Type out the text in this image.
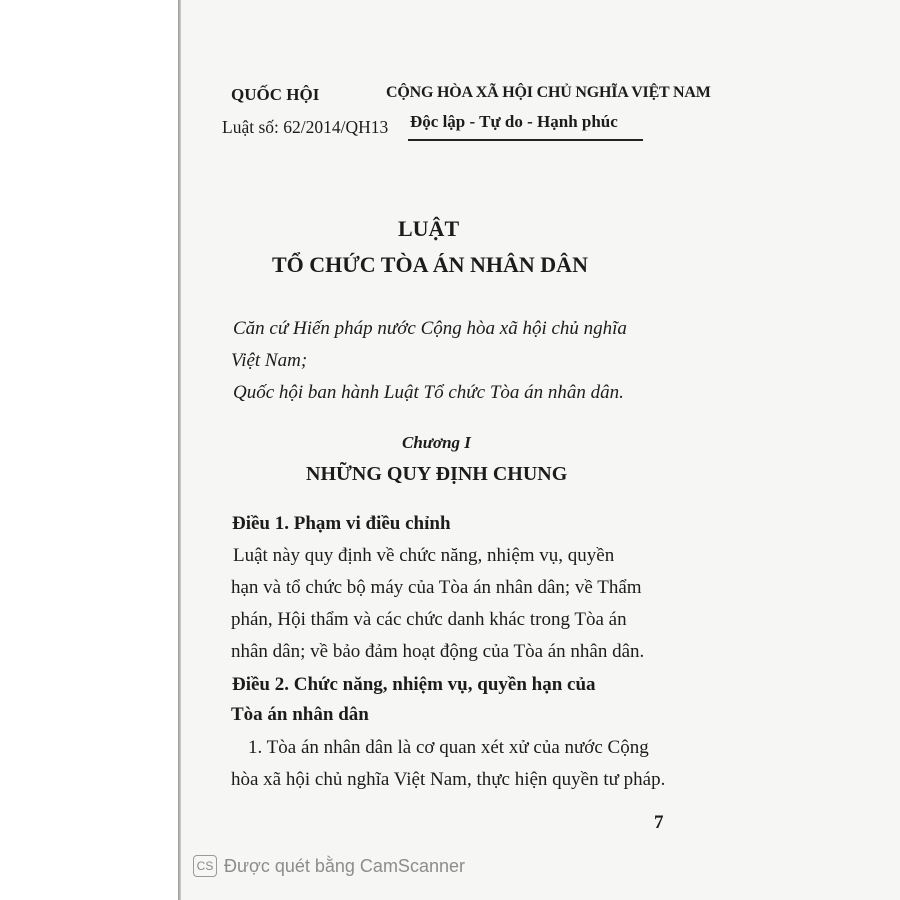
QUỐC HỘI
Luật số: 62/2014/QH13
CỘNG HÒA XÃ HỘI CHỦ NGHĨA VIỆT NAM
Độc lập - Tự do - Hạnh phúc
LUẬT
TỔ CHỨC TÒA ÁN NHÂN DÂN
Căn cứ Hiến pháp nước Cộng hòa xã hội chủ nghĩa
Việt Nam;
Quốc hội ban hành Luật Tổ chức Tòa án nhân dân.
Chương I
NHỮNG QUY ĐỊNH CHUNG
Điều 1. Phạm vi điều chỉnh
Luật này quy định về chức năng, nhiệm vụ, quyền
hạn và tổ chức bộ máy của Tòa án nhân dân; về Thẩm
phán, Hội thẩm và các chức danh khác trong Tòa án
nhân dân; về bảo đảm hoạt động của Tòa án nhân dân.
Điều 2. Chức năng, nhiệm vụ, quyền hạn của
Tòa án nhân dân
1. Tòa án nhân dân là cơ quan xét xử của nước Cộng
hòa xã hội chủ nghĩa Việt Nam, thực hiện quyền tư pháp.
7
CS Được quét bằng CamScanner
